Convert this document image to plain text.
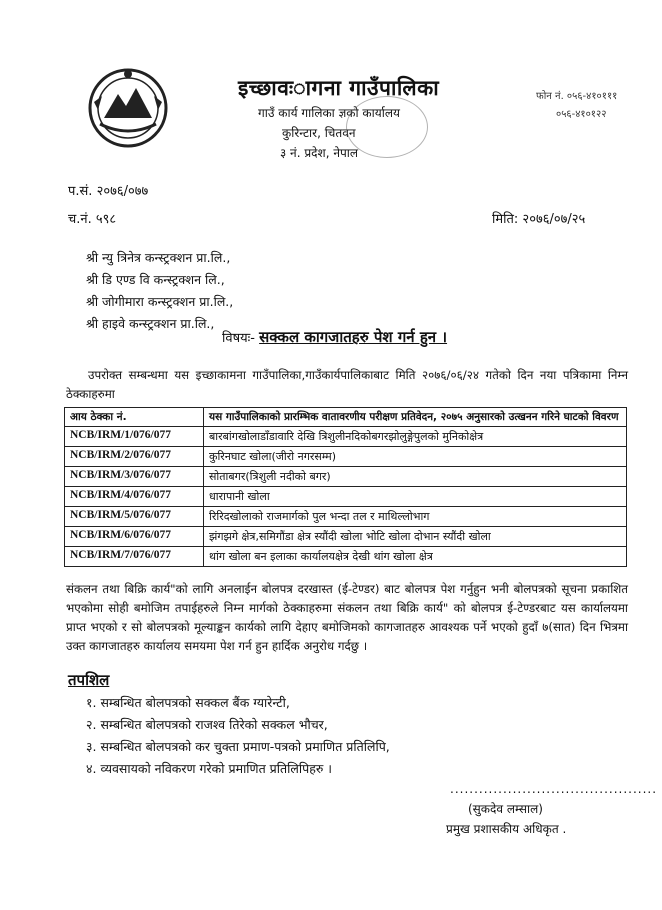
इच्छावःागना गाउँपालिका
गाउँ कार्य गालिका ज्ञको कार्यालय
कुरिन्टार, चितवन
३ नं. प्रदेश, नेपाल
फोन नं. ०५६-४१०१११
०५६-४१०१२२
प.सं. २०७६/०७७
च.नं. ५९८	मिति: २०७६/०७/२५
श्री न्यु त्रिनेत्र कन्स्ट्रक्शन प्रा.लि.,
श्री डि एण्ड वि कन्स्ट्रक्शन लि.,
श्री जोगीमारा कन्स्ट्रक्शन प्रा.लि.,
श्री हाइवे कन्स्ट्रक्शन प्रा.लि.,
विषयः- सक्कल कागजातहरु पेश गर्न हुन ।
उपरोक्त सम्बन्धमा यस इच्छाकामना गाउँपालिका,गाउँकार्यपालिकाबाट मिति २०७६/०६/२४ गतेको दिन नया पत्रिकामा निम्न ठेक्काहरुमा
आय ठेक्का नं.	यस गाउँपालिकाको प्रारम्भिक वातावरणीय परीक्षण प्रतिवेदन, २०७५ अनुसारको उत्खनन गरिने घाटको विवरण
NCB/IRM/1/076/077	बारबांगखोलाडाँडावारि देखि त्रिशुलीनदिकोबगरझोलुङ्गेपुलको मुनिकोक्षेत्र
NCB/IRM/2/076/077	कुरिनघाट खोला(जीरो नगरसम्म)
NCB/IRM/3/076/077	सोताबगर(त्रिशुली नदीको बगर)
NCB/IRM/4/076/077	धारापानी खोला
NCB/IRM/5/076/077	रिरिदखोलाको राजमार्गको पुल भन्दा तल र माथिल्लोभाग
NCB/IRM/6/076/077	झंगझगे क्षेत्र,समिगौंडा क्षेत्र स्यौंदी खोला भोटि खोला दोभान स्यौंदी खोला
NCB/IRM/7/076/077	थांग खोला बन इलाका कार्यालयक्षेत्र देखी थांग खोला क्षेत्र
संकलन तथा बिक्रि कार्य"को लागि अनलाईन बोलपत्र दरखास्त (ई-टेण्डर) बाट बोलपत्र पेश गर्नुहुन भनी बोलपत्रको सूचना प्रकाशित भएकोमा सोही बमोजिम तपाईहरुले निम्न मार्गको ठेक्काहरुमा संकलन तथा बिक्रि कार्य" को बोलपत्र ई-टेण्डरबाट यस कार्यालयमा प्राप्त भएको र सो बोलपत्रको मूल्याङ्कन कार्यको लागि देहाए बमोजिमको कागजातहरु आवश्यक पर्ने भएको हुदाँ ७(सात) दिन भित्रमा उक्त कागजातहरु कार्यालय समयमा पेश गर्न हुन हार्दिक अनुरोध गर्दछु ।
तपशिल
१. सम्बन्धित बोलपत्रको सक्कल बैंक ग्यारेन्टी,
२. सम्बन्धित बोलपत्रको राजश्व तिरेको सक्कल भौचर,
३. सम्बन्धित बोलपत्रको कर चुक्ता प्रमाण-पत्रको प्रमाणित प्रतिलिपि,
४. व्यवसायको नविकरण गरेको प्रमाणित प्रतिलिपिहरु ।
...........................................
(सुकदेव लम्साल)
प्रमुख प्रशासकीय अधिकृत .
